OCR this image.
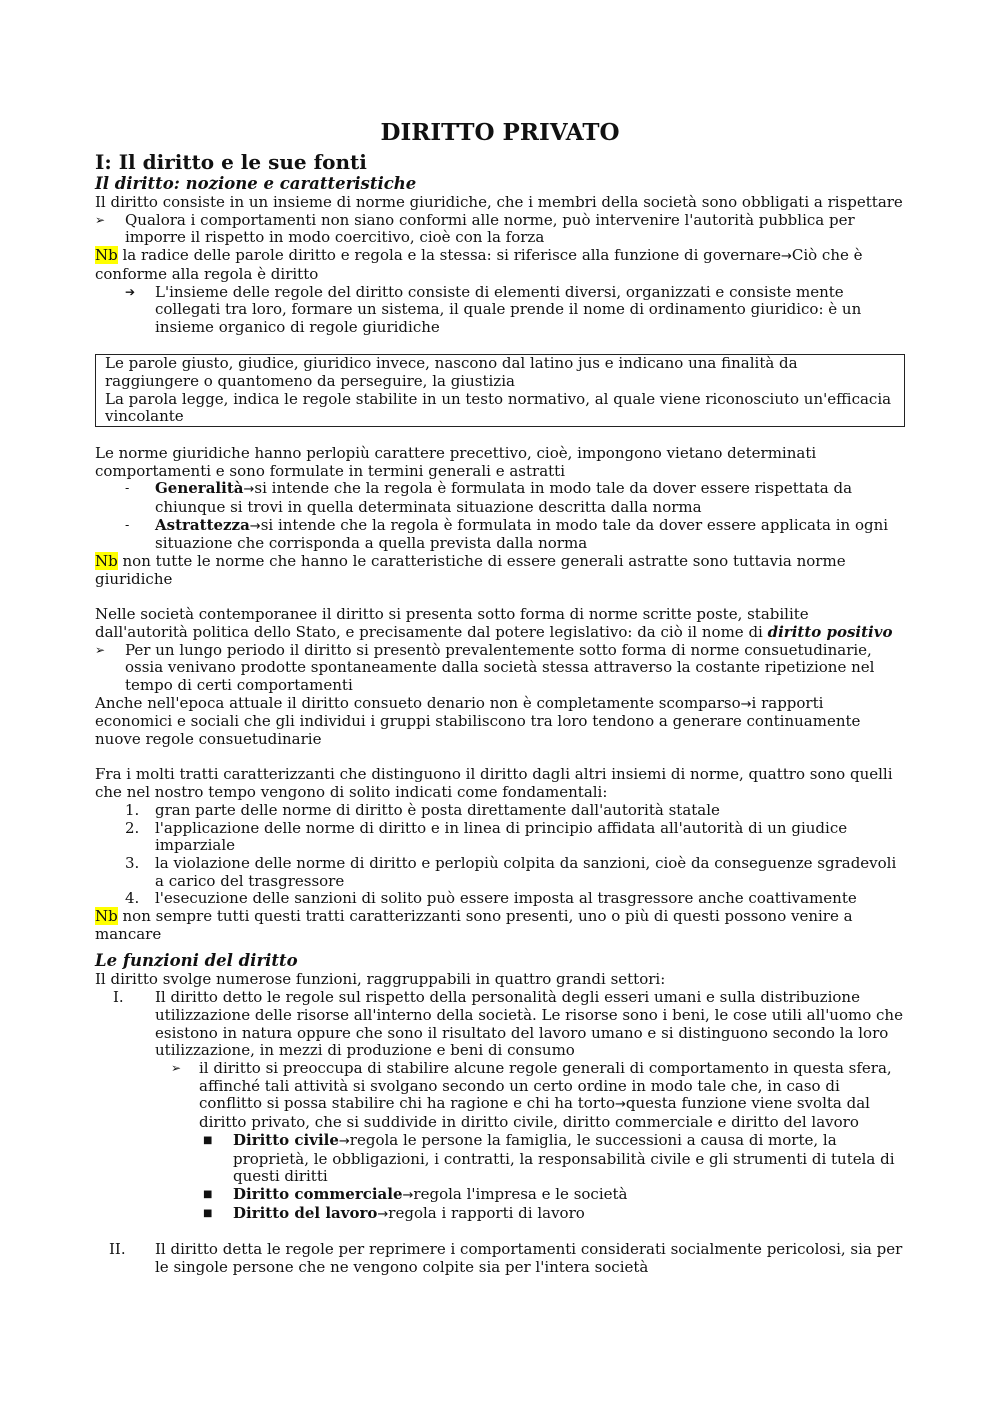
DIRITTO PRIVATO
I: Il diritto e le sue fonti
Il diritto: nozione e caratteristiche

Il diritto consiste in un insieme di norme giuridiche, che i membri della società sono obbligati a rispettare

➢ Qualora i comportamenti non siano conformi alle norme, può intervenire l'autorità pubblica per imporre il rispetto in modo coercitivo, cioè con la forza

Nb la radice delle parole diritto e regola e la stessa: si riferisce alla funzione di governare→Ciò che è conforme alla regola è diritto

➔ L'insieme delle regole del diritto consiste di elementi diversi, organizzati e consiste mente collegati tra loro, formare un sistema, il quale prende il nome di ordinamento giuridico: è un insieme organico di regole giuridiche

Le parole giusto, giudice, giuridico invece, nascono dal latino jus e indicano una finalità da raggiungere o quantomeno da perseguire, la giustizia

La parola legge, indica le regole stabilite in un testo normativo, al quale viene riconosciuto un'efficacia vincolante

Le norme giuridiche hanno perlopiù carattere precettivo, cioè, impongono vietano determinati comportamenti e sono formulate in termini generali e astratti

- Generalità→si intende che la regola è formulata in modo tale da dover essere rispettata da chiunque si trovi in quella determinata situazione descritta dalla norma
- Astrattezza→si intende che la regola è formulata in modo tale da dover essere applicata in ogni situazione che corrisponda a quella prevista dalla norma

Nb non tutte le norme che hanno le caratteristiche di essere generali astratte sono tuttavia norme giuridiche

Nelle società contemporanee il diritto si presenta sotto forma di norme scritte poste, stabilite dall'autorità politica dello Stato, e precisamente dal potere legislativo: da ciò il nome di diritto positivo

➢ Per un lungo periodo il diritto si presentò prevalentemente sotto forma di norme consuetudinarie, ossia venivano prodotte spontaneamente dalla società stessa attraverso la costante ripetizione nel tempo di certi comportamenti

Anche nell'epoca attuale il diritto consueto denario non è completamente scomparso→i rapporti economici e sociali che gli individui i gruppi stabiliscono tra loro tendono a generare continuamente nuove regole consuetudinarie

Fra i molti tratti caratterizzanti che distinguono il diritto dagli altri insiemi di norme, quattro sono quelli che nel nostro tempo vengono di solito indicati come fondamentali:

1. gran parte delle norme di diritto è posta direttamente dall'autorità statale
2. l'applicazione delle norme di diritto e in linea di principio affidata all'autorità di un giudice imparziale
3. la violazione delle norme di diritto e perlopiù colpita da sanzioni, cioè da conseguenze sgradevoli a carico del trasgressore
4. l'esecuzione delle sanzioni di solito può essere imposta al trasgressore anche coattivamente

Nb non sempre tutti questi tratti caratterizzanti sono presenti, uno o più di questi possono venire a mancare

Le funzioni del diritto

Il diritto svolge numerose funzioni, raggruppabili in quattro grandi settori:

I. Il diritto detto le regole sul rispetto della personalità degli esseri umani e sulla distribuzione utilizzazione delle risorse all'interno della società. Le risorse sono i beni, le cose utili all'uomo che esistono in natura oppure che sono il risultato del lavoro umano e si distinguono secondo la loro utilizzazione, in mezzi di produzione e beni di consumo
➢ il diritto si preoccupa di stabilire alcune regole generali di comportamento in questa sfera, affinché tali attività si svolgano secondo un certo ordine in modo tale che, in caso di conflitto si possa stabilire chi ha ragione e chi ha torto→questa funzione viene svolta dal diritto privato, che si suddivide in diritto civile, diritto commerciale e diritto del lavoro
■ Diritto civile→regola le persone la famiglia, le successioni a causa di morte, la proprietà, le obbligazioni, i contratti, la responsabilità civile e gli strumenti di tutela di questi diritti
■ Diritto commerciale→regola l'impresa e le società
■ Diritto del lavoro→regola i rapporti di lavoro
II. Il diritto detta le regole per reprimere i comportamenti considerati socialmente pericolosi, sia per le singole persone che ne vengono colpite sia per l'intera società
